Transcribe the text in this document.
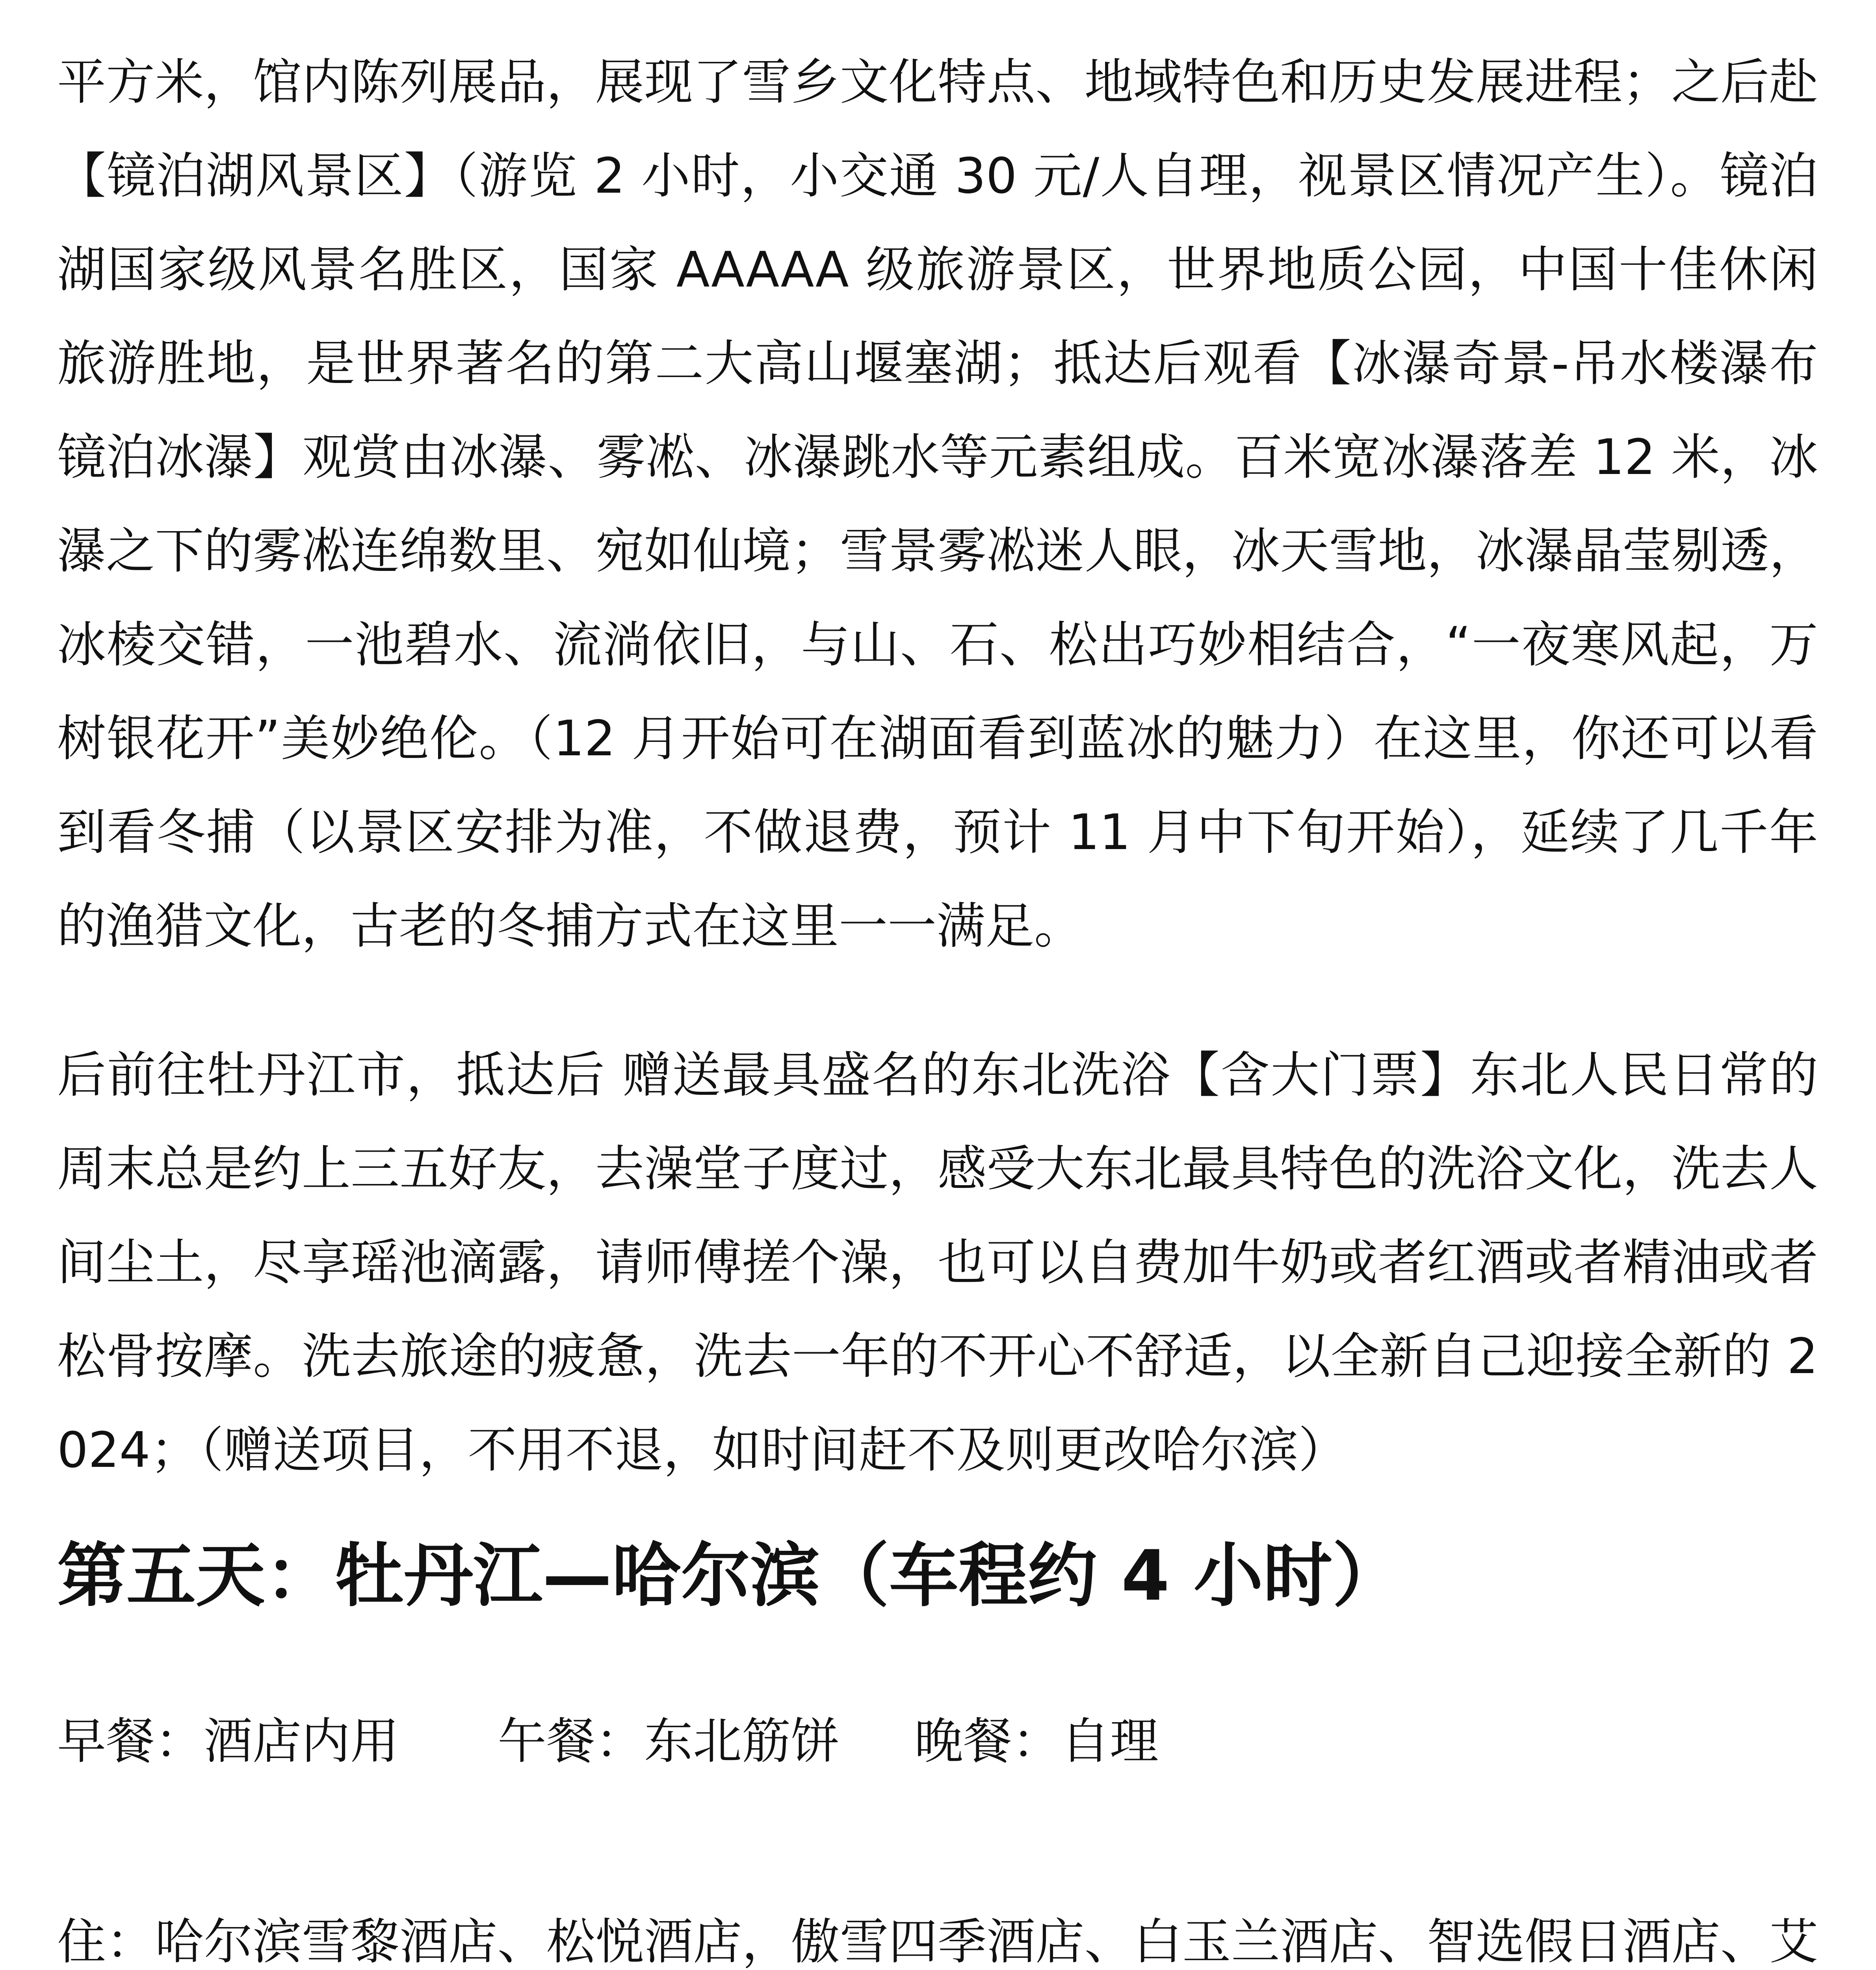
平方米，馆内陈列展品，展现了雪乡文化特点、地域特色和历史发展进程；之后赴【镜泊湖风景区】（游览 2 小时，小交通 30 元/人自理，视景区情况产生）。镜泊湖国家级风景名胜区，国家 AAAAA 级旅游景区，世界地质公园，中国十佳休闲旅游胜地，是世界著名的第二大高山堰塞湖；抵达后观看【冰瀑奇景-吊水楼瀑布镜泊冰瀑】观赏由冰瀑、雾凇、冰瀑跳水等元素组成。百米宽冰瀑落差 12 米，冰瀑之下的雾凇连绵数里、宛如仙境；雪景雾凇迷人眼，冰天雪地，冰瀑晶莹剔透，冰棱交错，一池碧水、流淌依旧，与山、石、松出巧妙相结合，“一夜寒风起，万树银花开”美妙绝伦。（12 月开始可在湖面看到蓝冰的魅力）在这里，你还可以看到看冬捕（以景区安排为准，不做退费，预计 11 月中下旬开始），延续了几千年的渔猎文化，古老的冬捕方式在这里一一满足。

后前往牡丹江市，抵达后 赠送最具盛名的东北洗浴【含大门票】东北人民日常的周末总是约上三五好友，去澡堂子度过，感受大东北最具特色的洗浴文化，洗去人间尘土，尽享瑶池滴露，请师傅搓个澡，也可以自费加牛奶或者红酒或者精油或者松骨按摩。洗去旅途的疲惫，洗去一年的不开心不舒适，以全新自己迎接全新的 2024；（赠送项目，不用不退，如时间赶不及则更改哈尔滨）

第五天：牡丹江—哈尔滨（车程约 4 小时）
早餐：酒店内用 午餐：东北筋饼 晚餐：自理

住：哈尔滨雪黎酒店、松悦酒店，傲雪四季酒店、白玉兰酒店、智选假日酒店、艾
